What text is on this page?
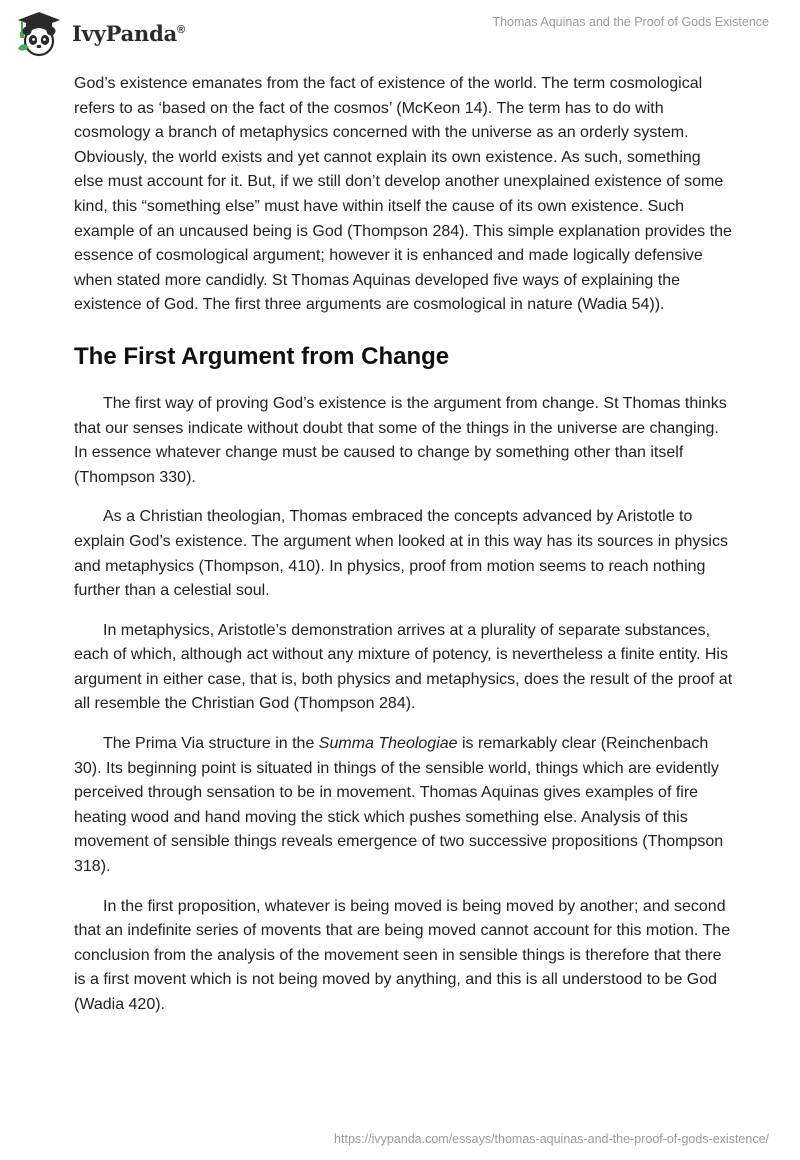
IvyPanda®
Thomas Aquinas and the Proof of Gods Existence

God’s existence emanates from the fact of existence of the world. The term cosmological refers to as ‘based on the fact of the cosmos’ (McKeon 14). The term has to do with cosmology a branch of metaphysics concerned with the universe as an orderly system. Obviously, the world exists and yet cannot explain its own existence. As such, something else must account for it. But, if we still don’t develop another unexplained existence of some kind, this “something else” must have within itself the cause of its own existence. Such example of an uncaused being is God (Thompson 284). This simple explanation provides the essence of cosmological argument; however it is enhanced and made logically defensive when stated more candidly. St Thomas Aquinas developed five ways of explaining the existence of God. The first three arguments are cosmological in nature (Wadia 54)).

The First Argument from Change

The first way of proving God’s existence is the argument from change. St Thomas thinks that our senses indicate without doubt that some of the things in the universe are changing. In essence whatever change must be caused to change by something other than itself (Thompson 330).

As a Christian theologian, Thomas embraced the concepts advanced by Aristotle to explain God’s existence. The argument when looked at in this way has its sources in physics and metaphysics (Thompson, 410). In physics, proof from motion seems to reach nothing further than a celestial soul.

In metaphysics, Aristotle’s demonstration arrives at a plurality of separate substances, each of which, although act without any mixture of potency, is nevertheless a finite entity. His argument in either case, that is, both physics and metaphysics, does the result of the proof at all resemble the Christian God (Thompson 284).

The Prima Via structure in the Summa Theologiae is remarkably clear (Reinchenbach 30). Its beginning point is situated in things of the sensible world, things which are evidently perceived through sensation to be in movement. Thomas Aquinas gives examples of fire heating wood and hand moving the stick which pushes something else. Analysis of this movement of sensible things reveals emergence of two successive propositions (Thompson 318).

In the first proposition, whatever is being moved is being moved by another; and second that an indefinite series of movents that are being moved cannot account for this motion. The conclusion from the analysis of the movement seen in sensible things is therefore that there is a first movent which is not being moved by anything, and this is all understood to be God (Wadia 420).

https://ivypanda.com/essays/thomas-aquinas-and-the-proof-of-gods-existence/
